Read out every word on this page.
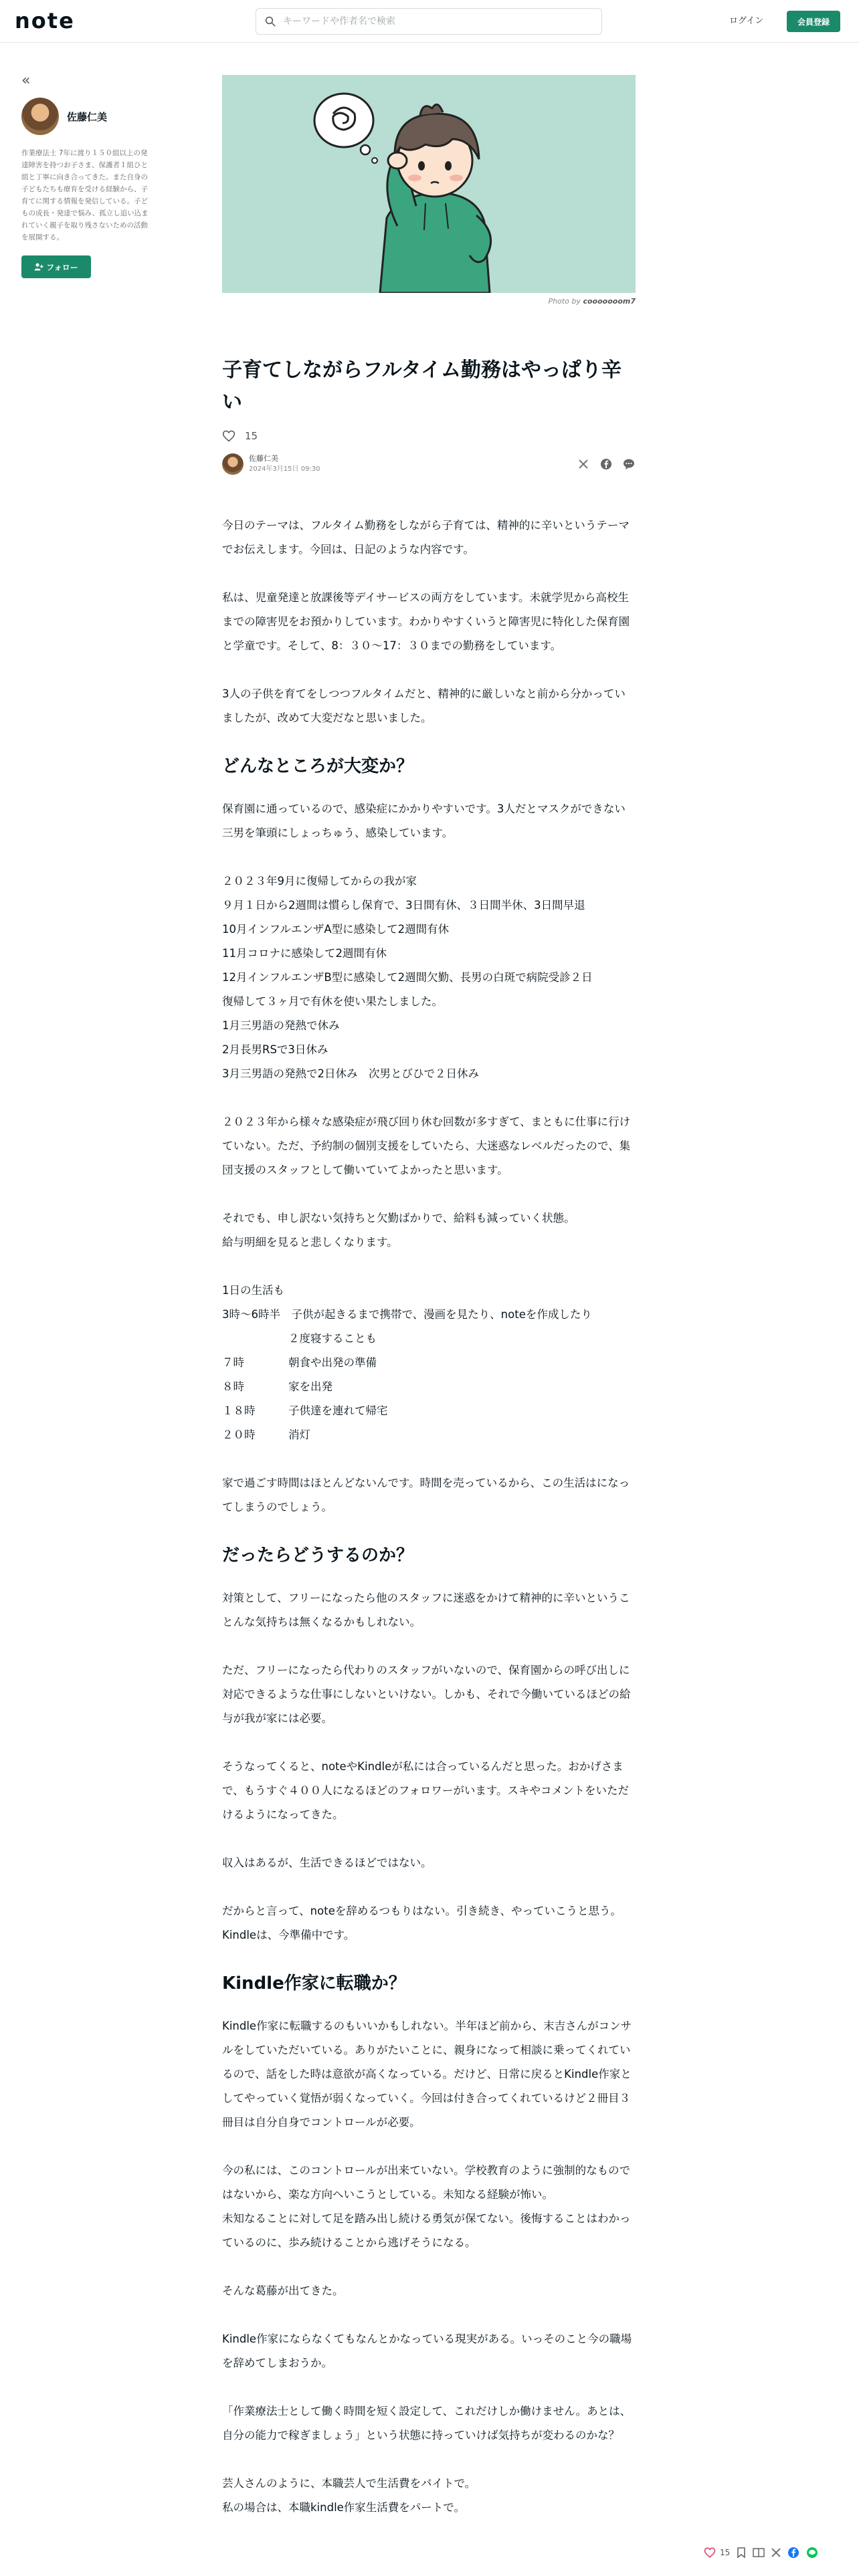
note
キーワードや作者名で検索	ログイン	会員登録
«
佐藤仁美
作業療法士 7年に渡り１５０組以上の発達障害を持つお子さま、保護者１組ひと組と丁寧に向き合ってきた。また自身の子どもたちも療育を受ける経験から、子育てに関する情報を発信している。子どもの成長・発達で悩み、孤立し追い込まれていく親子を取り残さないための活動を展開する。
フォロー
Photo by cooooooom7
子育てしながらフルタイム勤務はやっぱり辛い
15
佐藤仁美
2024年3月15日 09:30

今日のテーマは、フルタイム勤務をしながら子育ては、精神的に辛いというテーマでお伝えします。今回は、日記のような内容です。

私は、児童発達と放課後等デイサービスの両方をしています。未就学児から高校生までの障害児をお預かりしています。わかりやすくいうと障害児に特化した保育園と学童です。そして、8：３０〜17：３０までの勤務をしています。

3人の子供を育てをしつつフルタイムだと、精神的に厳しいなと前から分かっていましたが、改めて大変だなと思いました。

どんなところが大変か？

保育園に通っているので、感染症にかかりやすいです。3人だとマスクができない三男を筆頭にしょっちゅう、感染しています。

２０２３年9月に復帰してからの我が家
９月１日から2週間は慣らし保育で、3日間有休、３日間半休、3日間早退
10月インフルエンザA型に感染して2週間有休
11月コロナに感染して2週間有休
12月インフルエンザB型に感染して2週間欠勤、長男の白斑で病院受診２日
復帰して３ヶ月で有休を使い果たしました。
1月三男語の発熱で休み
2月長男RSで3日休み
3月三男語の発熱で2日休み　次男とびひで２日休み

２０２３年から様々な感染症が飛び回り休む回数が多すぎて、まともに仕事に行けていない。ただ、予約制の個別支援をしていたら、大迷惑なレベルだったので、集団支援のスタッフとして働いていてよかったと思います。

それでも、申し訳ない気持ちと欠勤ばかりで、給料も減っていく状態。
給与明細を見ると悲しくなります。

1日の生活も
3時〜6時半　子供が起きるまで携帯で、漫画を見たり、noteを作成したり
　　　　　　２度寝することも
７時　　　　朝食や出発の準備
８時　　　　家を出発
１８時　　　子供達を連れて帰宅
２０時　　　消灯

家で過ごす時間はほとんどないんです。時間を売っているから、この生活はになってしまうのでしょう。

だったらどうするのか？

対策として、フリーになったら他のスタッフに迷惑をかけて精神的に辛いということんな気持ちは無くなるかもしれない。

ただ、フリーになったら代わりのスタッフがいないので、保育園からの呼び出しに対応できるような仕事にしないといけない。しかも、それで今働いているほどの給与が我が家には必要。

そうなってくると、noteやKindleが私には合っているんだと思った。おかげさまで、もうすぐ４００人になるほどのフォロワーがいます。スキやコメントをいただけるようになってきた。

収入はあるが、生活できるほどではない。

だからと言って、noteを辞めるつもりはない。引き続き、やっていこうと思う。Kindleは、今準備中です。

Kindle作家に転職か？

Kindle作家に転職するのもいいかもしれない。半年ほど前から、末吉さんがコンサルをしていただいている。ありがたいことに、親身になって相談に乗ってくれているので、話をした時は意欲が高くなっている。だけど、日常に戻るとKindle作家としてやっていく覚悟が弱くなっていく。今回は付き合ってくれているけど２冊目３冊目は自分自身でコントロールが必要。

今の私には、このコントロールが出来ていない。学校教育のように強制的なものではないから、楽な方向へいこうとしている。未知なる経験が怖い。
未知なることに対して足を踏み出し続ける勇気が保てない。後悔することはわかっているのに、歩み続けることから逃げそうになる。

そんな葛藤が出てきた。

Kindle作家にならなくてもなんとかなっている現実がある。いっそのこと今の職場を辞めてしまおうか。

「作業療法士として働く時間を短く設定して、これだけしか働けません。あとは、自分の能力で稼ぎましょう」という状態に持っていけば気持ちが変わるのかな？

芸人さんのように、本職芸人で生活費をバイトで。
私の場合は、本職kindle作家生活費をパートで。

15
